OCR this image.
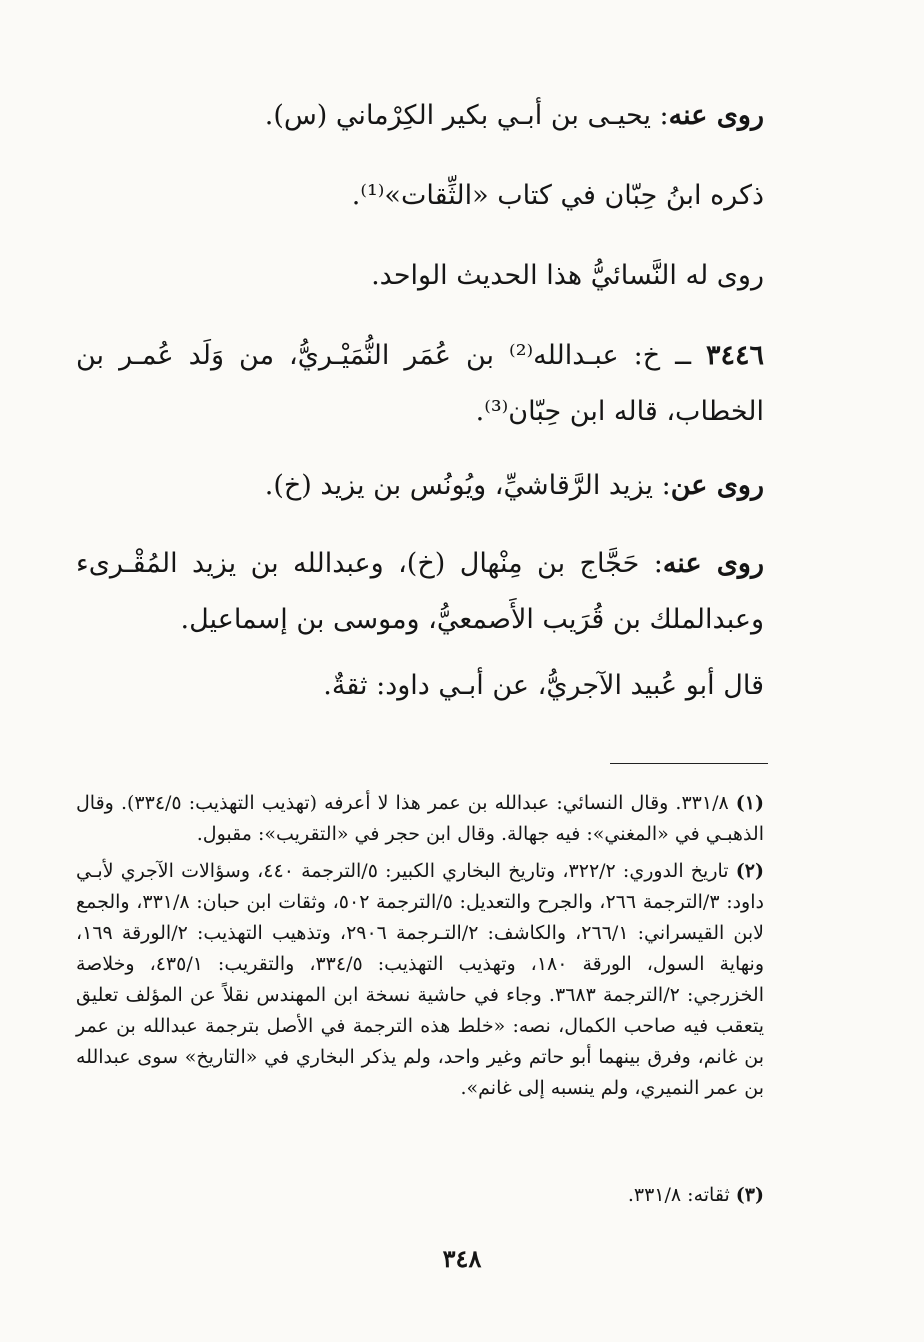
روى عنه: يحيـى بن أبـي بكير الكِرْماني (س).
ذكره ابنُ حِبّان في كتاب «الثِّقات»⁽¹⁾.
روى له النَّسائيُّ هذا الحديث الواحد.
٣٤٤٦ ــ خ: عبـدالله⁽²⁾ بن عُمَر النُّمَيْـريُّ، من وَلَد عُمـر بن الخطاب، قاله ابن حِبّان⁽³⁾.
روى عن: يزيد الرَّقاشيِّ، ويُونُس بن يزيد (خ).
روى عنه: حَجَّاج بن مِنْهال (خ)، وعبدالله بن يزيد المُقْـرىء وعبدالملك بن قُرَيب الأَصمعيُّ، وموسى بن إسماعيل.
قال أبو عُبيد الآجريُّ، عن أبـي داود: ثقةٌ.
(١) ٣٣١/٨. وقال النسائي: عبدالله بن عمر هذا لا أعرفه (تهذيب التهذيب: ٣٣٤/٥). وقال الذهبـي في «المغني»: فيه جهالة. وقال ابن حجر في «التقريب»: مقبول.
(٢) تاريخ الدوري: ٣٢٢/٢، وتاريخ البخاري الكبير: ٥/الترجمة ٤٤٠، وسؤالات الآجري لأبـي داود: ٣/الترجمة ٢٦٦، والجرح والتعديل: ٥/الترجمة ٥٠٢، وثقات ابن حبان: ٣٣١/٨، والجمع لابن القيسراني: ٢٦٦/١، والكاشف: ٢/التـرجمة ٢٩٠٦، وتذهيب التهذيب: ٢/الورقة ١٦٩، ونهاية السول، الورقة ١٨٠، وتهذيب التهذيب: ٣٣٤/٥، والتقريب: ٤٣٥/١، وخلاصة الخزرجي: ٢/الترجمة ٣٦٨٣. وجاء في حاشية نسخة ابن المهندس نقلاً عن المؤلف تعليق يتعقب فيه صاحب الكمال، نصه: «خلط هذه الترجمة في الأصل بترجمة عبدالله بن عمر بن غانم، وفرق بينهما أبو حاتم وغير واحد، ولم يذكر البخاري في «التاريخ» سوى عبدالله بن عمر النميري، ولم ينسبه إلى غانم».
(٣) ثقاته: ٣٣١/٨.
٣٤٨
